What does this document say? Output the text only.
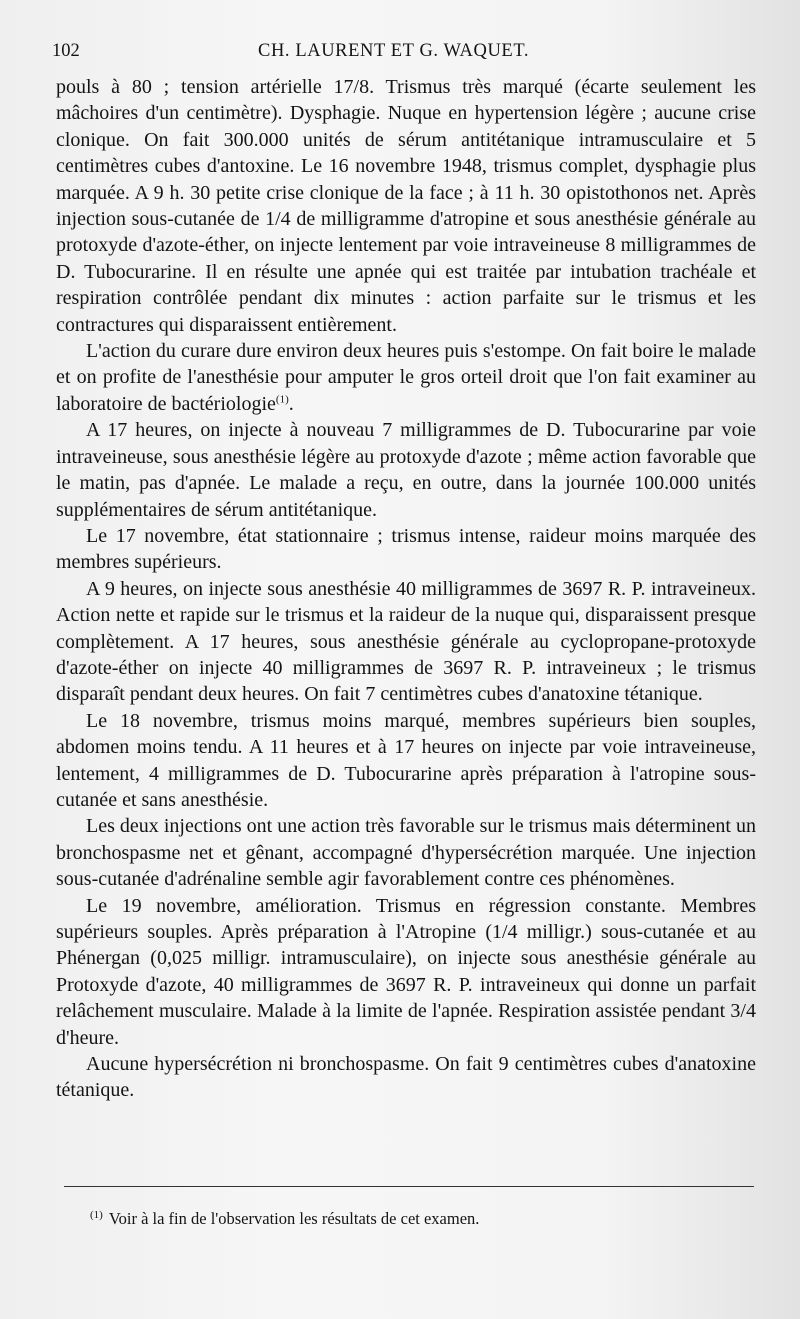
102	CH. LAURENT ET G. WAQUET.

pouls à 80 ; tension artérielle 17/8. Trismus très marqué (écarte seulement les mâchoires d'un centimètre). Dysphagie. Nuque en hypertension légère ; aucune crise clonique. On fait 300.000 unités de sérum antitétanique intramusculaire et 5 centimètres cubes d'antoxine. Le 16 novembre 1948, trismus complet, dysphagie plus marquée. A 9 h. 30 petite crise clonique de la face ; à 11 h. 30 opistothonos net. Après injection sous-cutanée de 1/4 de milligramme d'atropine et sous anesthésie générale au protoxyde d'azote-éther, on injecte lentement par voie intraveineuse 8 milligrammes de D. Tubocurarine. Il en résulte une apnée qui est traitée par intubation trachéale et respiration contrôlée pendant dix minutes : action parfaite sur le trismus et les contractures qui disparaissent entièrement.

L'action du curare dure environ deux heures puis s'estompe. On fait boire le malade et on profite de l'anesthésie pour amputer le gros orteil droit que l'on fait examiner au laboratoire de bactériologie$^{(1)}$.

A 17 heures, on injecte à nouveau 7 milligrammes de D. Tubocurarine par voie intraveineuse, sous anesthésie légère au protoxyde d'azote ; même action favorable que le matin, pas d'apnée. Le malade a reçu, en outre, dans la journée 100.000 unités supplémentaires de sérum antitétanique.

Le 17 novembre, état stationnaire ; trismus intense, raideur moins marquée des membres supérieurs.

A 9 heures, on injecte sous anesthésie 40 milligrammes de 3697 R. P. intraveineux. Action nette et rapide sur le trismus et la raideur de la nuque qui, disparaissent presque complètement. A 17 heures, sous anesthésie générale au cyclopropane-protoxyde d'azote-éther on injecte 40 milligrammes de 3697 R. P. intraveineux ; le trismus disparaît pendant deux heures. On fait 7 centimètres cubes d'anatoxine tétanique.

Le 18 novembre, trismus moins marqué, membres supérieurs bien souples, abdomen moins tendu. A 11 heures et à 17 heures on injecte par voie intraveineuse, lentement, 4 milligrammes de D. Tubocurarine après préparation à l'atropine sous-cutanée et sans anesthésie.

Les deux injections ont une action très favorable sur le trismus mais déterminent un bronchospasme net et gênant, accompagné d'hypersécrétion marquée. Une injection sous-cutanée d'adrénaline semble agir favorablement contre ces phénomènes.

Le 19 novembre, amélioration. Trismus en régression constante. Membres supérieurs souples. Après préparation à l'Atropine (1/4 milligr.) sous-cutanée et au Phénergan (0,025 milligr. intramusculaire), on injecte sous anesthésie générale au Protoxyde d'azote, 40 milligrammes de 3697 R. P. intraveineux qui donne un parfait relâchement musculaire. Malade à la limite de l'apnée. Respiration assistée pendant 3/4 d'heure.

Aucune hypersécrétion ni bronchospasme. On fait 9 centimètres cubes d'anatoxine tétanique.

$^{(1)}$ Voir à la fin de l'observation les résultats de cet examen.
